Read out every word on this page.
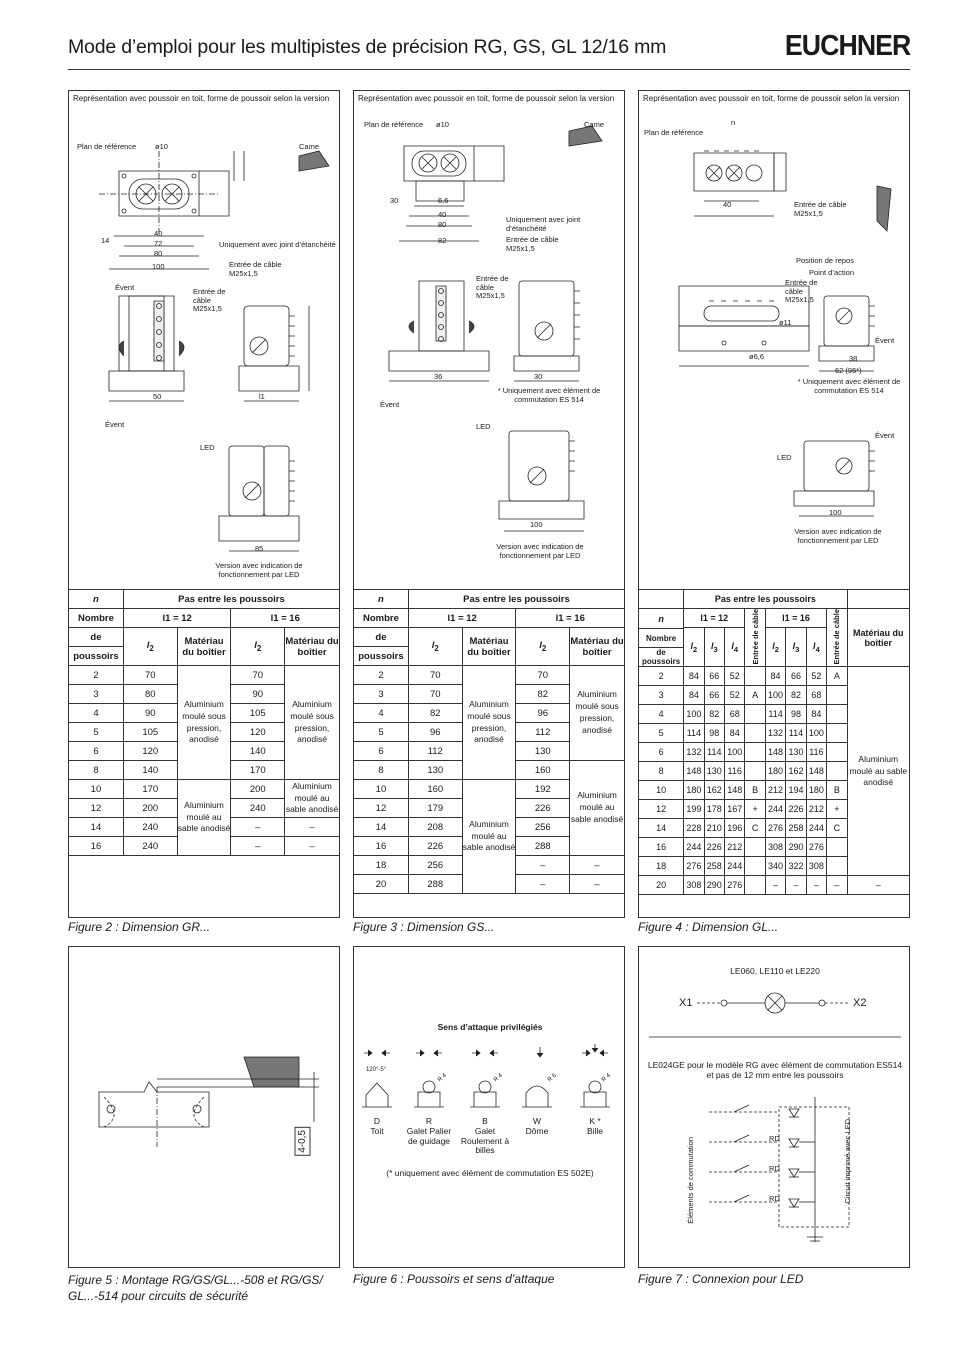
Mode d’emploi pour les multipistes de précision RG, GS, GL 12/16 mm	EUCHNER
Représentation avec poussoir en toit, forme de poussoir selon la version
Plan de référence	ø10	Came
Uniquement avec joint d’étanchéité
Entrée de câble M25x1,5
14
40
72
80
100
Évent	Entrée de câble M25x1,5
50	l1
Évent
LED
85
Version avec indication de fonctionnement par LED
n	Pas entre les poussoirs			
Nombre	l1 = 12		l1 = 16	
de	$l_2$	Matériau du boîtier	$l_2$	Matériau du boîtier
poussoirs				
2	70	Aluminium moulé sous pression, anodisé	70	Aluminium moulé sous pression, anodisé
3	80		90	
4	90		105	
5	105		120	
6	120		140	
8	140		170	
10	170	Aluminium moulé au sable anodisé	200	Aluminium moulé au sable anodisé
12	200		240	
14	240		–	–
16	240		–	–
Figure 2 : Dimension GR...
Représentation avec poussoir en toit, forme de poussoir selon la version
Plan de référence ø10	Came
30	6,6
40
80
82
Uniquement avec joint d’étanchéité
Entrée de câble M25x1,5
Entrée de câble M25x1,5
36	30
* Uniquement avec élément de commutation ES 514
Évent
LED
100
Version avec indication de fonctionnement par LED
n	Pas entre les poussoirs			
Nombre	l1 = 12		l1 = 16	
de	$l_2$	Matériau du boîtier	$l_2$	Matériau du boîtier
poussoirs				
2	70	Aluminium moulé sous pression, anodisé	70	Aluminium moulé sous pression, anodisé
3	70		82	
4	82		96	
5	96		112	
6	112		130	
8	130		160	Aluminium moulé au sable anodisé
10	160	Aluminium moulé au sable anodisé	192	
12	179		226	
14	208		256	
16	226		288	
18	256		–	–
20	288		–	–
Figure 3 : Dimension GS...
Représentation avec poussoir en toit, forme de poussoir selon la version
Plan de référence
n
40	Entrée de câble M25x1,5
Position de repos
Point d’action
Entrée de câble M25x1,5
ø11
ø6,6	38
62 (95*)
Évent
* Uniquement avec élément de commutation ES 514
Évent
LED
100
Version avec indication de fonctionnement par LED
	Pas entre les poussoirs								
n	l1 = 12			Entrée de câble	l1 = 16			Entrée de câble	Matériau du boîtier
	$l_2$	$l_3$	$l_4$		$l_2$	$l_3$	$l_4$
Nombre									
de
poussoirs									
2	84	66	52		84	66	52	A	Aluminium moulé au sable anodisé
3	84	66	52	A	100	82	68		
4	100	82	68		114	98	84		
5	114	98	84		132	114	100		
6	132	114	100		148	130	116		
8	148	130	116		180	162	148		
10	180	162	148	B	212	194	180	B	
12	199	178	167	+	244	226	212	+	
14	228	210	196	C	276	258	244	C	
16	244	226	212		308	290	276		
18	276	258	244		340	322	308		
20	308	290	276		–	–	–	–	–
Figure 4 : Dimension GL...
4-0,5
Figure 5 : Montage RG/GS/GL...-508 et RG/GS/ GL...-514 pour circuits de sécurité
Sens d’attaque privilégiés
120°-5°
R 4	R 4	R 6	R 4
D
Toit
R
Galet Palier de guidage
B
Galet Roulement à billes
W
Dôme
K *
Bille
(* uniquement avec élément de commutation ES 502E)
Figure 6 : Poussoirs et sens d’attaque
LE060, LE110 et LE220
X1	X2
LE024GE pour le modèle RG avec élément de commutation ES514 et pas de 12 mm entre les poussoirs
RD
RD
RD
Éléments de commutation	Circuit imprimé avec LED
Figure 7 : Connexion pour LED
